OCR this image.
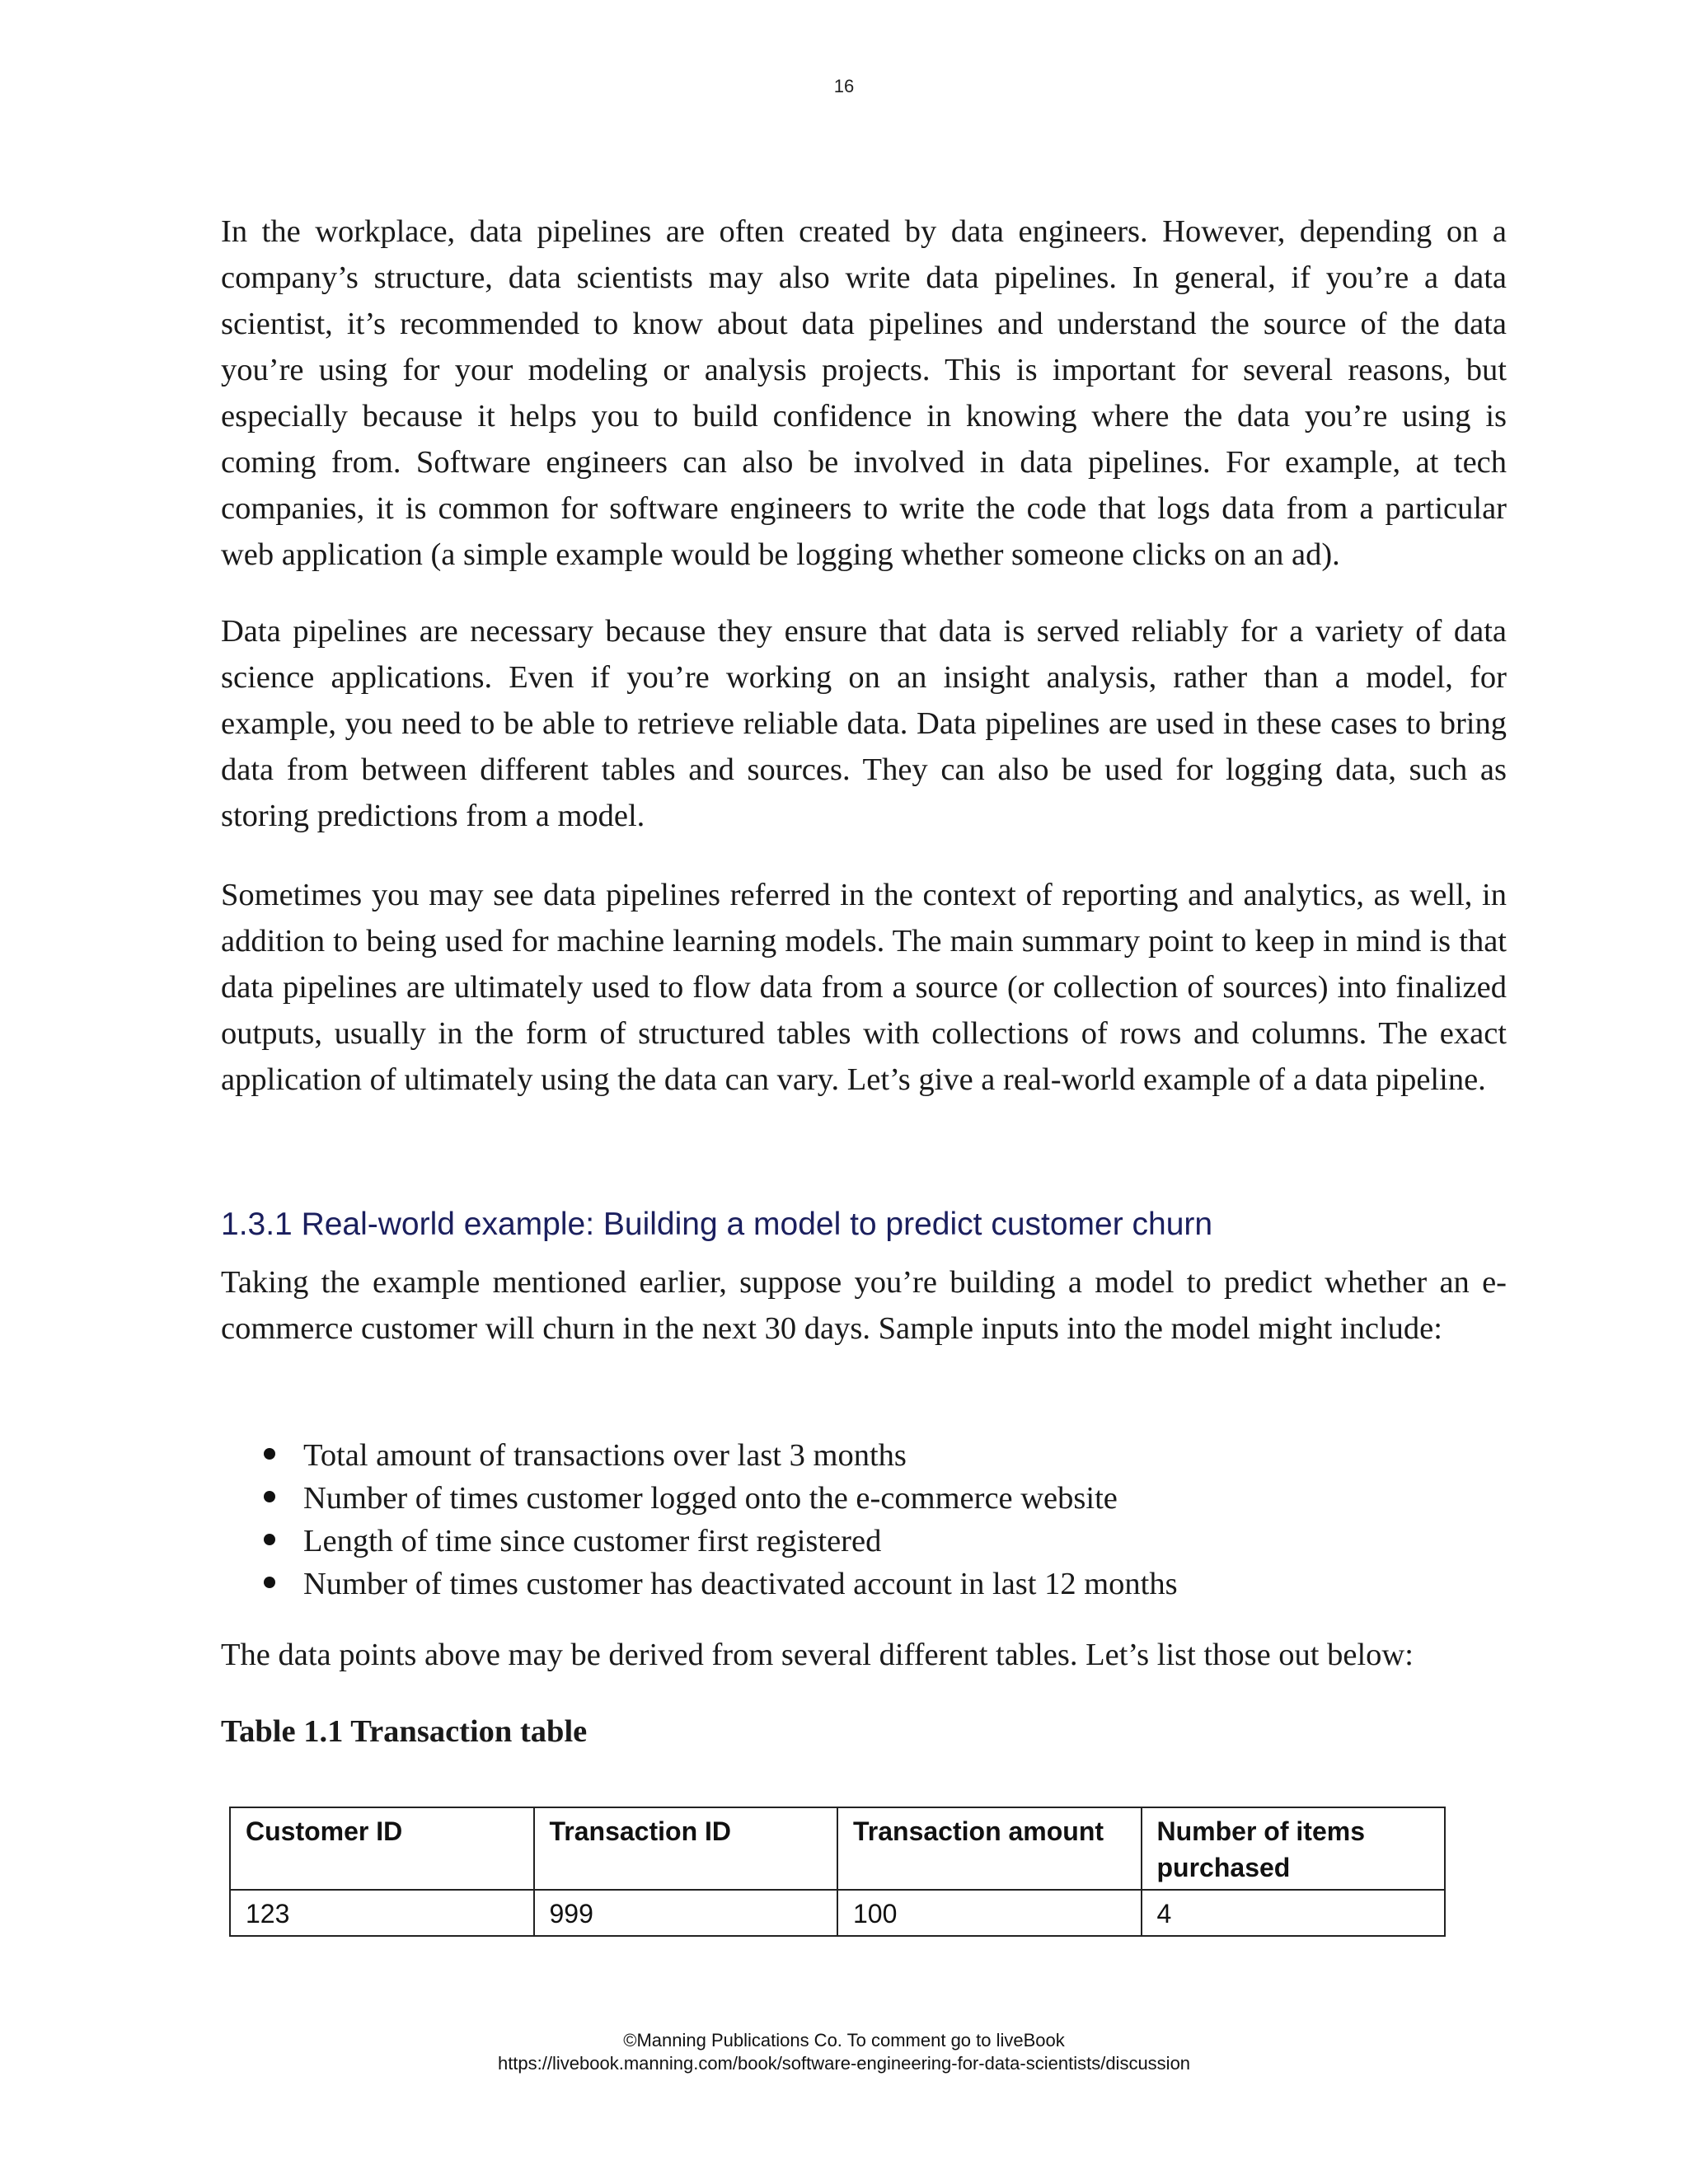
16

In the workplace, data pipelines are often created by data engineers. However, depending on a company’s structure, data scientists may also write data pipelines. In general, if you’re a data scientist, it’s recommended to know about data pipelines and understand the source of the data you’re using for your modeling or analysis projects. This is important for several reasons, but especially because it helps you to build confidence in knowing where the data you’re using is coming from. Software engineers can also be involved in data pipelines. For example, at tech companies, it is common for software engineers to write the code that logs data from a particular web application (a simple example would be logging whether someone clicks on an ad).

Data pipelines are necessary because they ensure that data is served reliably for a variety of data science applications. Even if you’re working on an insight analysis, rather than a model, for example, you need to be able to retrieve reliable data. Data pipelines are used in these cases to bring data from between different tables and sources. They can also be used for logging data, such as storing predictions from a model.

Sometimes you may see data pipelines referred in the context of reporting and analytics, as well, in addition to being used for machine learning models. The main summary point to keep in mind is that data pipelines are ultimately used to flow data from a source (or collection of sources) into finalized outputs, usually in the form of structured tables with collections of rows and columns. The exact application of ultimately using the data can vary. Let’s give a real-world example of a data pipeline.

1.3.1 Real-world example: Building a model to predict customer churn

Taking the example mentioned earlier, suppose you’re building a model to predict whether an e-commerce customer will churn in the next 30 days. Sample inputs into the model might include:

Total amount of transactions over last 3 months
Number of times customer logged onto the e-commerce website
Length of time since customer first registered
Number of times customer has deactivated account in last 12 months

The data points above may be derived from several different tables. Let’s list those out below:

Table 1.1 Transaction table

Customer ID	Transaction ID	Transaction amount	Number of items purchased
123	999	100	4
©Manning Publications Co. To comment go to liveBook
https://livebook.manning.com/book/software-engineering-for-data-scientists/discussion
